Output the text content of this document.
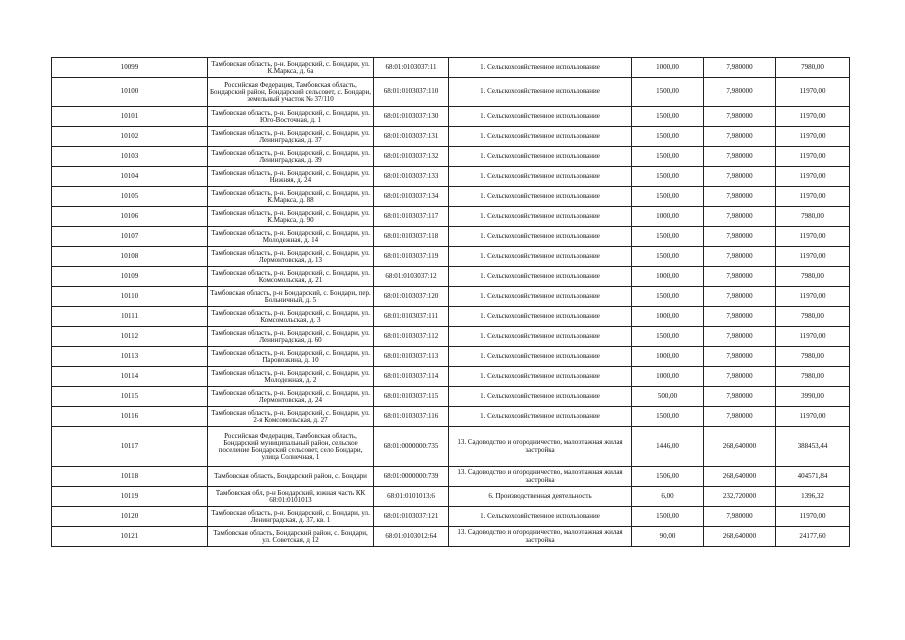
10099	Тамбовская область, р-н. Бондарский, с. Бондари, ул. К.Маркса, д. 6а	68:01:0103037:11	1. Сельскохозяйственное использование	1000,00	7,980000	7980,00
10100	Российская Федерация, Тамбовская область, Бондарский район, Бондарский сельсовет, с. Бондари, земельный участок № 37/110	68:01:0103037:110	1. Сельскохозяйственное использование	1500,00	7,980000	11970,00
10101	Тамбовская область, р-н. Бондарский, с. Бондари, ул. Юго-Восточная, д. 1	68:01:0103037:130	1. Сельскохозяйственное использование	1500,00	7,980000	11970,00
10102	Тамбовская область, р-н. Бондарский, с. Бондари, ул. Ленинградская, д. 37	68:01:0103037:131	1. Сельскохозяйственное использование	1500,00	7,980000	11970,00
10103	Тамбовская область, р-н. Бондарский, с. Бондари, ул. Ленинградская, д. 39	68:01:0103037:132	1. Сельскохозяйственное использование	1500,00	7,980000	11970,00
10104	Тамбовская область, р-н. Бондарский, с. Бондари, ул. Нижняя, д. 24	68:01:0103037:133	1. Сельскохозяйственное использование	1500,00	7,980000	11970,00
10105	Тамбовская область, р-н. Бондарский, с. Бондари, ул. К.Маркса, д. 88	68:01:0103037:134	1. Сельскохозяйственное использование	1500,00	7,980000	11970,00
10106	Тамбовская область, р-н. Бондарский, с. Бондари, ул. К.Маркса, д. 90	68:01:0103037:117	1. Сельскохозяйственное использование	1000,00	7,980000	7980,00
10107	Тамбовская область, р-н. Бондарский, с. Бондари, ул. Молодежная, д. 14	68:01:0103037:118	1. Сельскохозяйственное использование	1500,00	7,980000	11970,00
10108	Тамбовская область, р-н. Бондарский, с. Бондари, ул. Лермонтовская, д. 13	68:01:0103037:119	1. Сельскохозяйственное использование	1500,00	7,980000	11970,00
10109	Тамбовская область, р-н. Бондарский, с. Бондари, ул. Комсомольская, д. 21	68:01:0103037:12	1. Сельскохозяйственное использование	1000,00	7,980000	7980,00
10110	Тамбовская область, р-н Бондарский, с. Бондари, пер. Больничный, д. 5	68:01:0103037:120	1. Сельскохозяйственное использование	1500,00	7,980000	11970,00
10111	Тамбовская область, р-н. Бондарский, с. Бондари, ул. Комсомольская, д. 3	68:01:0103037:111	1. Сельскохозяйственное использование	1000,00	7,980000	7980,00
10112	Тамбовская область, р-н. Бондарский, с. Бондари, ул. Ленинградская, д. 60	68:01:0103037:112	1. Сельскохозяйственное использование	1500,00	7,980000	11970,00
10113	Тамбовская область, р-н. Бондарский, с. Бондари, ул. Паровозкина, д. 10	68:01:0103037:113	1. Сельскохозяйственное использование	1000,00	7,980000	7980,00
10114	Тамбовская область, р-н. Бондарский, с. Бондари, ул. Молодежная, д. 2	68:01:0103037:114	1. Сельскохозяйственное использование	1000,00	7,980000	7980,00
10115	Тамбовская область, р-н. Бондарский, с. Бондари, ул. Лермонтовская, д. 24	68:01:0103037:115	1. Сельскохозяйственное использование	500,00	7,980000	3990,00
10116	Тамбовская область, р-н. Бондарский, с. Бондари, ул. 2-я Комсомольская, д. 27	68:01:0103037:116	1. Сельскохозяйственное использование	1500,00	7,980000	11970,00
10117	Российская Федерация, Тамбовская область, Бондарский муниципальный район, сельское поселение Бондарский сельсовет, село Бондари, улица Солнечная, 1	68:01:0000000:735	13. Садоводство и огородничество, малоэтажная жилая застройка	1446,00	268,640000	388453,44
10118	Тамбовская область, Бондарский район, с. Бондари	68:01:0000000:739	13. Садоводство и огородничество, малоэтажная жилая застройка	1506,00	268,640000	404571,84
10119	Тамбовская обл, р-н Бондарский, южная часть КК 68:01:0101013	68:01:0101013:6	6. Производственная деятельность	6,00	232,720000	1396,32
10120	Тамбовская область, р-н. Бондарский, с. Бондари, ул. Ленинградская, д. 37, кв. 1	68:01:0103037:121	1. Сельскохозяйственное использование	1500,00	7,980000	11970,00
10121	Тамбовская область, Бондарский район, с. Бондари, ул. Советская, д 12	68:01:0103012:64	13. Садоводство и огородничество, малоэтажная жилая застройка	90,00	268,640000	24177,60
